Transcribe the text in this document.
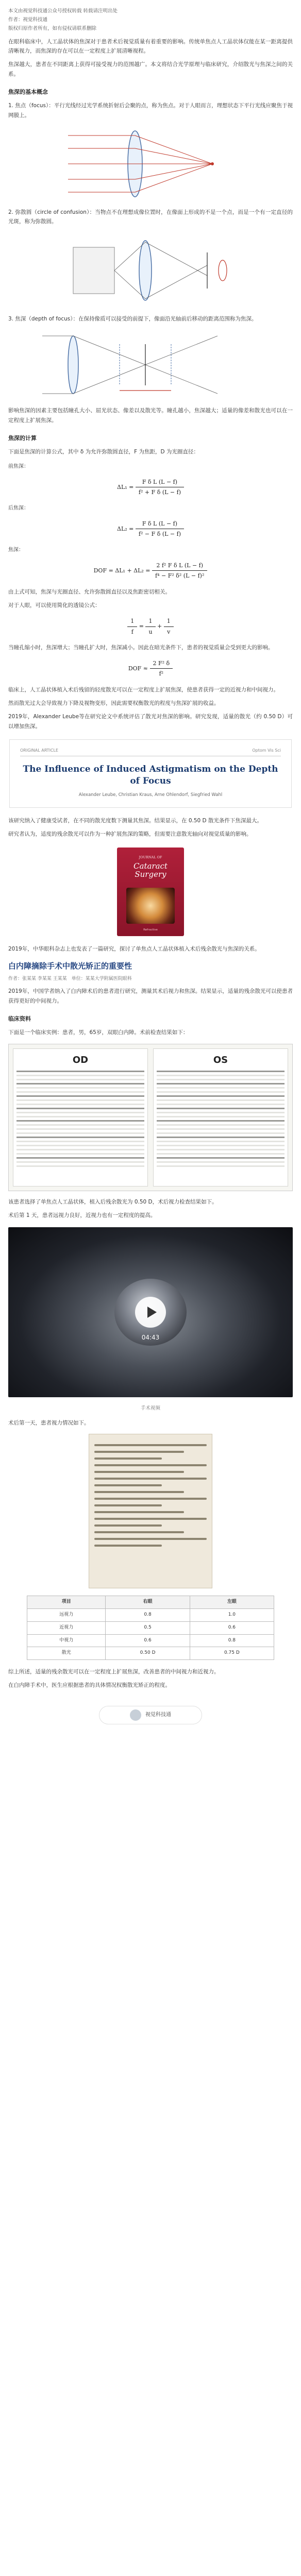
本文由视觉科技通公众号授权转载 转载请注明出处
作者：视觉科技通
版权归原作者所有，如有侵权请联系删除

在眼科临床中，人工晶状体的焦深对于患者术后视觉质量有着重要的影响。传统单焦点人工晶状体仅能在某一距离提供清晰视力，而焦深的存在可以在一定程度上扩展清晰视程。

焦深越大，患者在不同距离上获得可接受视力的范围越广。本文将结合光学原理与临床研究，介绍散光与焦深之间的关系。

焦深的基本概念

1. 焦点（focus）：平行光线经过光学系统折射后会聚的点，称为焦点。对于人眼而言，理想状态下平行光线应聚焦于视网膜上。

2. 弥散圆（circle of confusion）：当物点不在理想成像位置时，在像面上形成的不是一个点，而是一个有一定直径的光斑，称为弥散圆。

3. 焦深（depth of focus）：在保持像质可以接受的前提下，像面沿光轴前后移动的距离范围称为焦深。

影响焦深的因素主要包括瞳孔大小、屈光状态、像差以及散光等。瞳孔越小，焦深越大；适量的像差和散光也可以在一定程度上扩展焦深。

焦深的计算

下面是焦深的计算公式，其中 δ 为允许弥散圆直径，F 为焦距，D 为光圈直径：

前焦深：
$\Delta L_1 = \frac{\text{F δ L (L − f)}}{\text{f² + F δ (L − f)}}$
后焦深：
$\Delta L_2 = \frac{\text{F δ L (L − f)}}{\text{f² − F δ (L − f)}}$
焦深：
DOF = $\Delta L_1 + \Delta L_2 = \frac{\text{2 f² F δ L (L − f)}}{\text{f⁴ − F² δ² (L − f)²}}$

由上式可知，焦深与光圈直径、允许弥散圆直径以及焦距密切相关。

对于人眼，可以使用简化的透镜公式：

$\frac{1}{f} = \frac{1}{u} + \frac{1}{v}$

当瞳孔缩小时，焦深增大；当瞳孔扩大时，焦深减小。因此在暗光条件下，患者的视觉质量会受到更大的影响。

DOF ≈ $\frac{\text{2 F² δ}}{\text{f²}}$

临床上，人工晶状体植入术后残留的轻度散光可以在一定程度上扩展焦深，使患者获得一定的近视力和中间视力。

然而散光过大会导致视力下降及视物变形，因此需要权衡散光的程度与焦深扩展的收益。

2019年，Alexander Leube等在研究论文中系统评估了散光对焦深的影响。研究发现，适量的散光（约 0.50 D）可以增加焦深。

ORIGINAL ARTICLE	Optom Vis Sci
The Influence of Induced Astigmatism on the Depth of Focus
Alexander Leube, Christian Kraus, Arne Ohlendorf, Siegfried Wahl

该研究纳入了健康受试者，在不同的散光度数下测量其焦深。结果显示，在 0.50 D 散光条件下焦深最大。

研究者认为，适度的残余散光可以作为一种扩展焦深的策略，但需要注意散光轴向对视觉质量的影响。

JOURNAL OF
Cataract Surgery
Refractive

2019年，中华眼科杂志上也发表了一篇研究，探讨了单焦点人工晶状体植入术后残余散光与焦深的关系。

白内障摘除手术中散光矫正的重要性
作者：张某某 李某某 王某某　单位：某某大学附属医院眼科

2019年，中国学者纳入了白内障术后的患者进行研究，测量其术后视力和焦深。结果显示，适量的残余散光可以使患者获得更好的中间视力。

临床资料

下面是一个临床实例：患者，男，65岁，双眼白内障。术前检查结果如下：

OD	OS

该患者选择了单焦点人工晶状体，植入后残余散光为 0.50 D，术后视力检查结果如下。

术后第 1 天，患者远视力良好，近视力也有一定程度的提高。

04:43
手术视频

术后第一天，患者视力情况如下。

项目	右眼	左眼
远视力	0.8	1.0
近视力	0.5	0.6
中视力	0.6	0.8
散光	0.50 D	0.75 D

综上所述，适量的残余散光可以在一定程度上扩展焦深，改善患者的中间视力和近视力。

在白内障手术中，医生应根据患者的具体情况权衡散光矫正的程度。

视觉科技通
